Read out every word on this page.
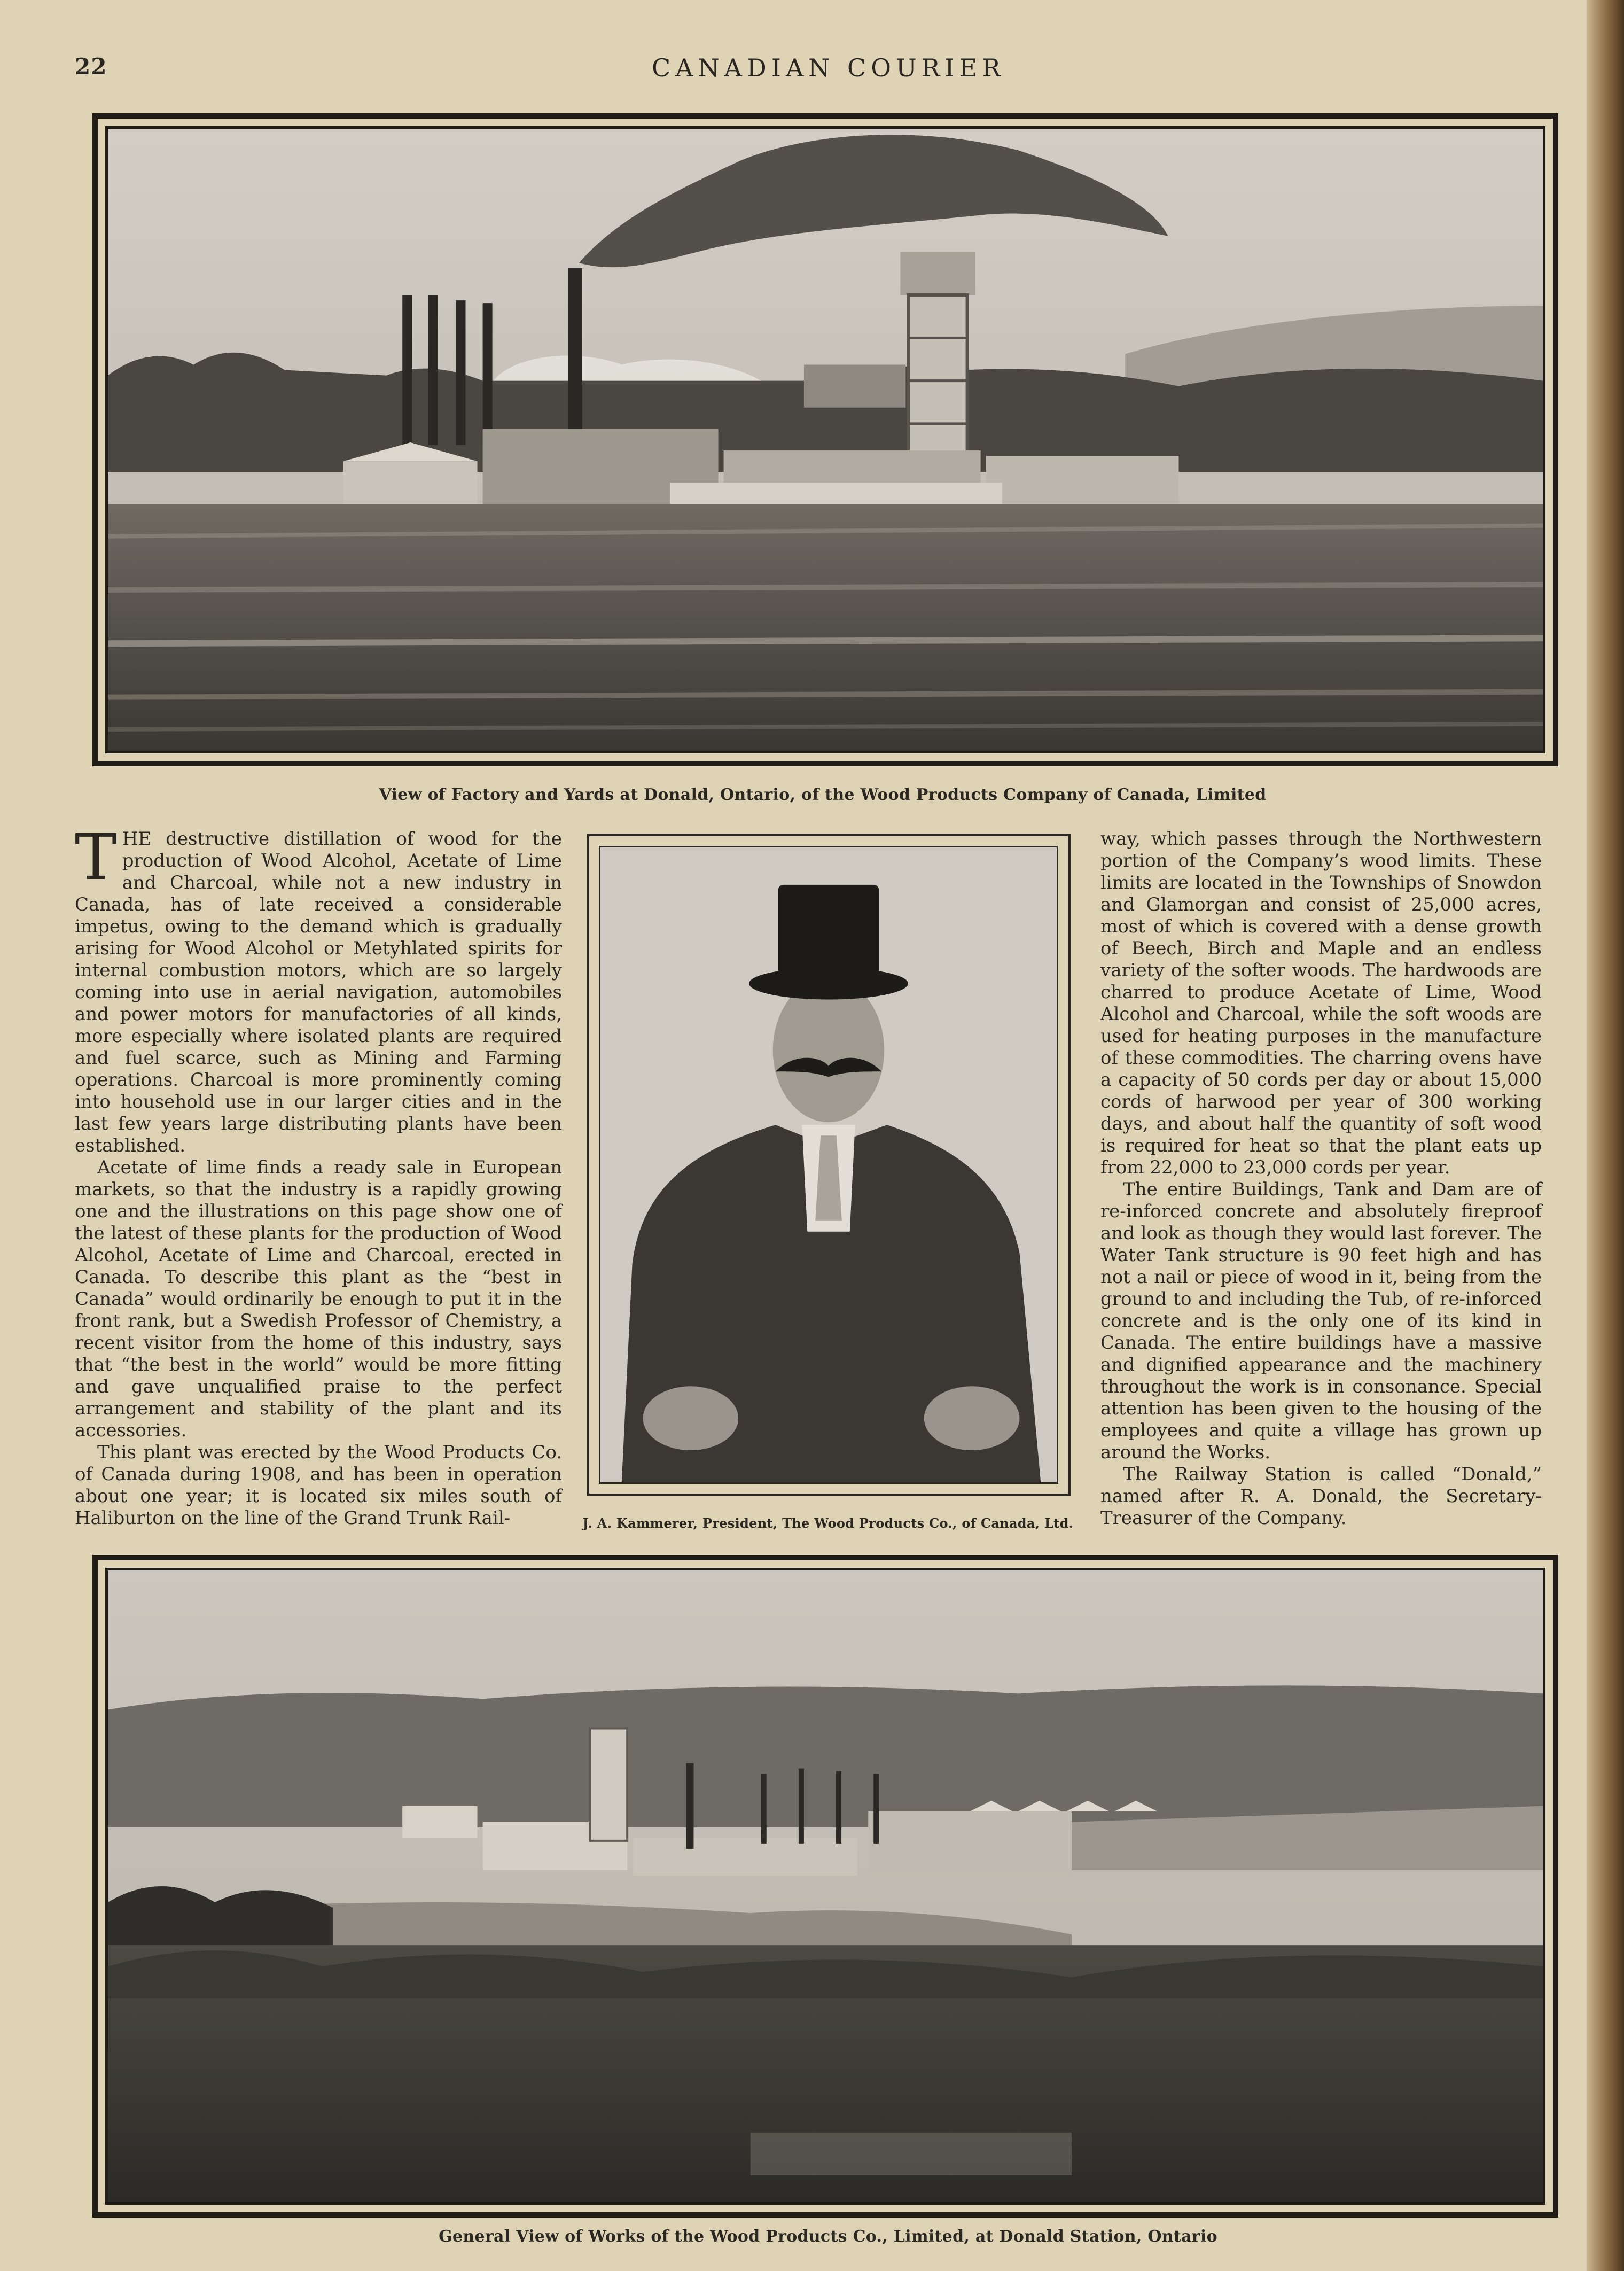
22	CANADIAN COURIER
View of Factory and Yards at Donald, Ontario, of the Wood Products Company of Canada, Limited

THE destructive distillation of wood for the production of Wood Alcohol, Acetate of Lime and Charcoal, while not a new industry in Canada, has of late received a considerable impetus, owing to the demand which is gradually arising for Wood Alcohol or Metyhlated spirits for internal combustion motors, which are so largely coming into use in aerial navigation, automobiles and power motors for manufactories of all kinds, more especially where isolated plants are required and fuel scarce, such as Mining and Farming operations. Charcoal is more prominently coming into household use in our larger cities and in the last few years large distributing plants have been established.

Acetate of lime finds a ready sale in European markets, so that the industry is a rapidly growing one and the illustrations on this page show one of the latest of these plants for the production of Wood Alcohol, Acetate of Lime and Charcoal, erected in Canada. To describe this plant as the “best in Canada” would ordinarily be enough to put it in the front rank, but a Swedish Professor of Chemistry, a recent visitor from the home of this industry, says that “the best in the world” would be more fitting and gave unqualified praise to the perfect arrangement and stability of the plant and its accessories.

This plant was erected by the Wood Products Co. of Canada during 1908, and has been in operation about one year; it is located six miles south of Haliburton on the line of the Grand Trunk Rail-	J. A. Kammerer, President, The Wood Products Co., of Canada, Ltd.

way, which passes through the Northwestern portion of the Company’s wood limits. These limits are located in the Townships of Snowdon and Glamorgan and consist of 25,000 acres, most of which is covered with a dense growth of Beech, Birch and Maple and an endless variety of the softer woods. The hardwoods are charred to produce Acetate of Lime, Wood Alcohol and Charcoal, while the soft woods are used for heating purposes in the manufacture of these commodities. The charring ovens have a capacity of 50 cords per day or about 15,000 cords of harwood per year of 300 working days, and about half the quantity of soft wood is required for heat so that the plant eats up from 22,000 to 23,000 cords per year.

The entire Buildings, Tank and Dam are of re-inforced concrete and absolutely fireproof and look as though they would last forever. The Water Tank structure is 90 feet high and has not a nail or piece of wood in it, being from the ground to and including the Tub, of re-inforced concrete and is the only one of its kind in Canada. The entire buildings have a massive and dignified appearance and the machinery throughout the work is in consonance. Special attention has been given to the housing of the employees and quite a village has grown up around the Works.

The Railway Station is called “Donald,” named after R. A. Donald, the Secretary-Treasurer of the Company.

General View of Works of the Wood Products Co., Limited, at Donald Station, Ontario
